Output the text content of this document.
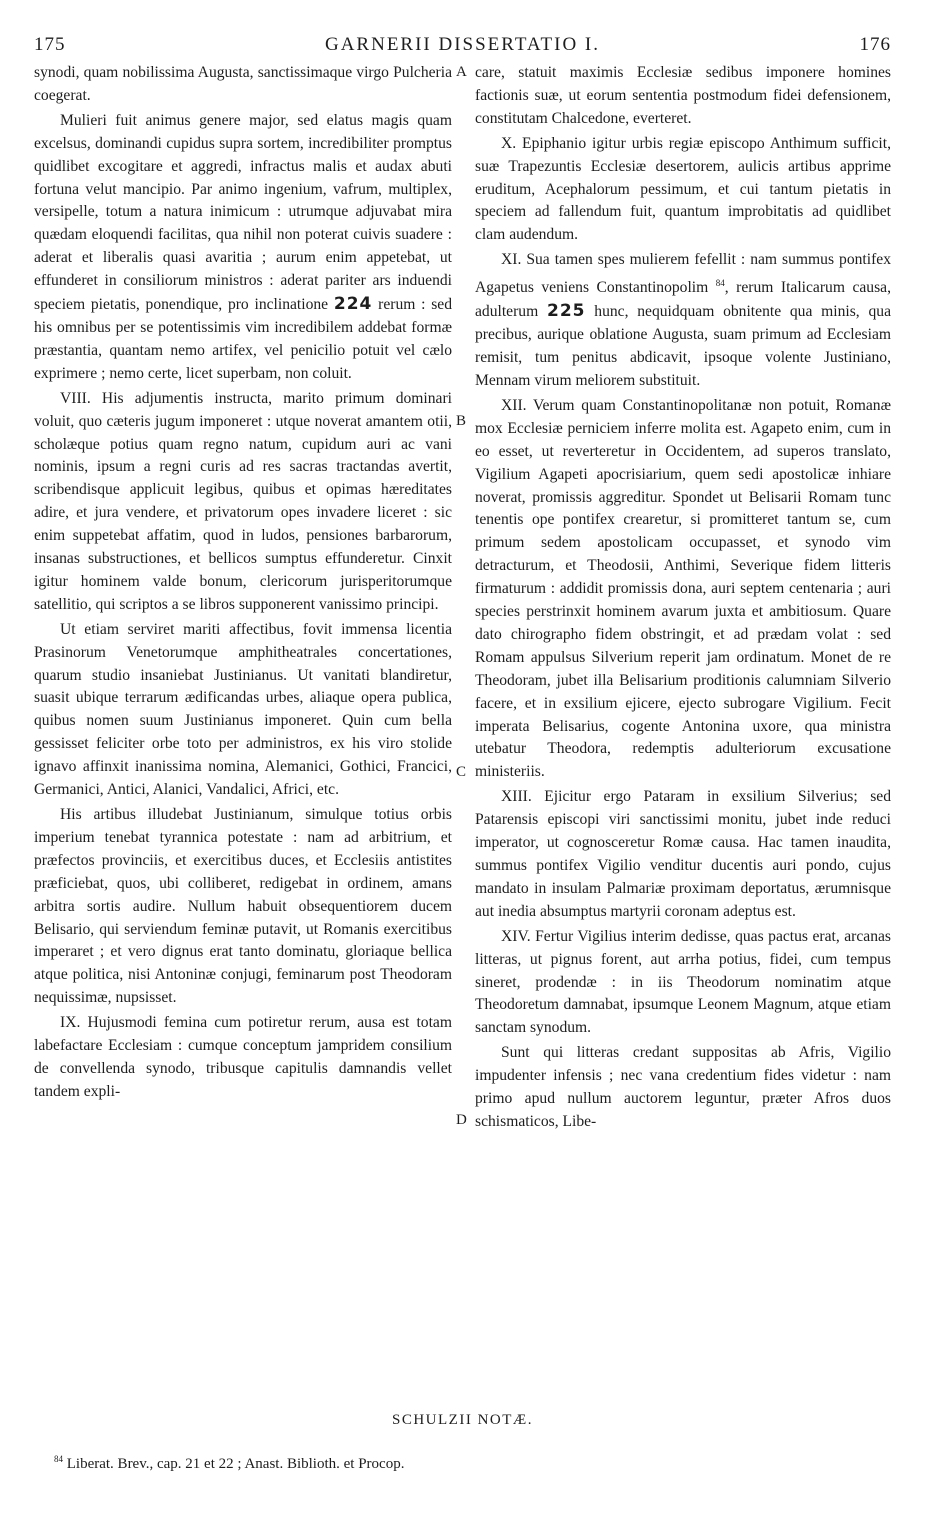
175	GARNERII DISSERTATIO I.	176

synodi, quam nobilissima Augusta, sanctissimaque virgo Pulcheria coegerat.

Mulieri fuit animus genere major, sed elatus magis quam excelsus, dominandi cupidus supra sortem, incredibiliter promptus quidlibet excogitare et aggredi, infractus malis et audax abuti fortuna velut mancipio. Par animo ingenium, vafrum, multiplex, versipelle, totum a natura inimicum : utrumque adjuvabat mira quædam eloquendi facilitas, qua nihil non poterat cuivis suadere : aderat et liberalis quasi avaritia ; aurum enim appetebat, ut effunderet in consiliorum ministros : aderat pariter ars induendi speciem pietatis, ponendique, pro inclinatione 224 rerum : sed his omnibus per se potentissimis vim incredibilem addebat formæ præstantia, quantam nemo artifex, vel penicilio potuit vel cælo exprimere ; nemo certe, licet superbam, non coluit.

VIII. His adjumentis instructa, marito primum dominari voluit, quo cæteris jugum imponeret : utque noverat amantem otii, scholæque potius quam regno natum, cupidum auri ac vani nominis, ipsum a regni curis ad res sacras tractandas avertit, scribendisque applicuit legibus, quibus et opimas hæreditates adire, et jura vendere, et privatorum opes invadere liceret : sic enim suppetebat affatim, quod in ludos, pensiones barbarorum, insanas substructiones, et bellicos sumptus effunderetur. Cinxit igitur hominem valde bonum, clericorum jurisperitorumque satellitio, qui scriptos a se libros supponerent vanissimo principi.

Ut etiam serviret mariti affectibus, fovit immensa licentia Prasinorum Venetorumque amphitheatrales concertationes, quarum studio insaniebat Justinianus. Ut vanitati blandiretur, suasit ubique terrarum ædificandas urbes, aliaque opera publica, quibus nomen suum Justinianus imponeret. Quin cum bella gessisset feliciter orbe toto per administros, ex his viro stolide ignavo affinxit inanissima nomina, Alemanici, Gothici, Francici, Germanici, Antici, Alanici, Vandalici, Africi, etc.

His artibus illudebat Justinianum, simulque totius orbis imperium tenebat tyrannica potestate : nam ad arbitrium, et præfectos provinciis, et exercitibus duces, et Ecclesiis antistites præficiebat, quos, ubi colliberet, redigebat in ordinem, amans arbitra sortis audire. Nullum habuit obsequentiorem ducem Belisario, qui serviendum feminæ putavit, ut Romanis exercitibus imperaret ; et vero dignus erat tanto dominatu, gloriaque bellica atque politica, nisi Antoninæ conjugi, feminarum post Theodoram nequissimæ, nupsisset.

IX. Hujusmodi femina cum potiretur rerum, ausa est totam labefactare Ecclesiam : cumque conceptum jampridem consilium de convellenda synodo, tribusque capitulis damnandis vellet tandem expli-

A
B
C
D

care, statuit maximis Ecclesiæ sedibus imponere homines factionis suæ, ut eorum sententia postmodum fidei defensionem, constitutam Chalcedone, everteret.

X. Epiphanio igitur urbis regiæ episcopo Anthimum sufficit, suæ Trapezuntis Ecclesiæ desertorem, aulicis artibus apprime eruditum, Acephalorum pessimum, et cui tantum pietatis in speciem ad fallendum fuit, quantum improbitatis ad quidlibet clam audendum.

XI. Sua tamen spes mulierem fefellit : nam summus pontifex Agapetus veniens Constantinopolim $^{84}$, rerum Italicarum causa, adulterum 225 hunc, nequidquam obnitente qua minis, qua precibus, aurique oblatione Augusta, suam primum ad Ecclesiam remisit, tum penitus abdicavit, ipsoque volente Justiniano, Mennam virum meliorem substituit.

XII. Verum quam Constantinopolitanæ non potuit, Romanæ mox Ecclesiæ perniciem inferre molita est. Agapeto enim, cum in eo esset, ut reverteretur in Occidentem, ad superos translato, Vigilium Agapeti apocrisiarium, quem sedi apostolicæ inhiare noverat, promissis aggreditur. Spondet ut Belisarii Romam tunc tenentis ope pontifex crearetur, si promitteret tantum se, cum primum sedem apostolicam occupasset, et synodo vim detracturum, et Theodosii, Anthimi, Severique fidem litteris firmaturum : addidit promissis dona, auri septem centenaria ; auri species perstrinxit hominem avarum juxta et ambitiosum. Quare dato chirographo fidem obstringit, et ad prædam volat : sed Romam appulsus Silverium reperit jam ordinatum. Monet de re Theodoram, jubet illa Belisarium proditionis calumniam Silverio facere, et in exsilium ejicere, ejecto subrogare Vigilium. Fecit imperata Belisarius, cogente Antonina uxore, qua ministra utebatur Theodora, redemptis adulteriorum excusatione ministeriis.

XIII. Ejicitur ergo Pataram in exsilium Silverius; sed Patarensis episcopi viri sanctissimi monitu, jubet inde reduci imperator, ut cognosceretur Romæ causa. Hac tamen inaudita, summus pontifex Vigilio venditur ducentis auri pondo, cujus mandato in insulam Palmariæ proximam deportatus, ærumnisque aut inedia absumptus martyrii coronam adeptus est.

XIV. Fertur Vigilius interim dedisse, quas pactus erat, arcanas litteras, ut pignus forent, aut arrha potius, fidei, cum tempus sineret, prodendæ : in iis Theodorum nominatim atque Theodoretum damnabat, ipsumque Leonem Magnum, atque etiam sanctam synodum.

Sunt qui litteras credant suppositas ab Afris, Vigilio impudenter infensis ; nec vana credentium fides videtur : nam primo apud nullum auctorem leguntur, præter Afros duos schismaticos, Libe-

SCHULZII NOTÆ.
$^{84}$ Liberat. Brev., cap. 21 et 22 ; Anast. Biblioth. et Procop.
